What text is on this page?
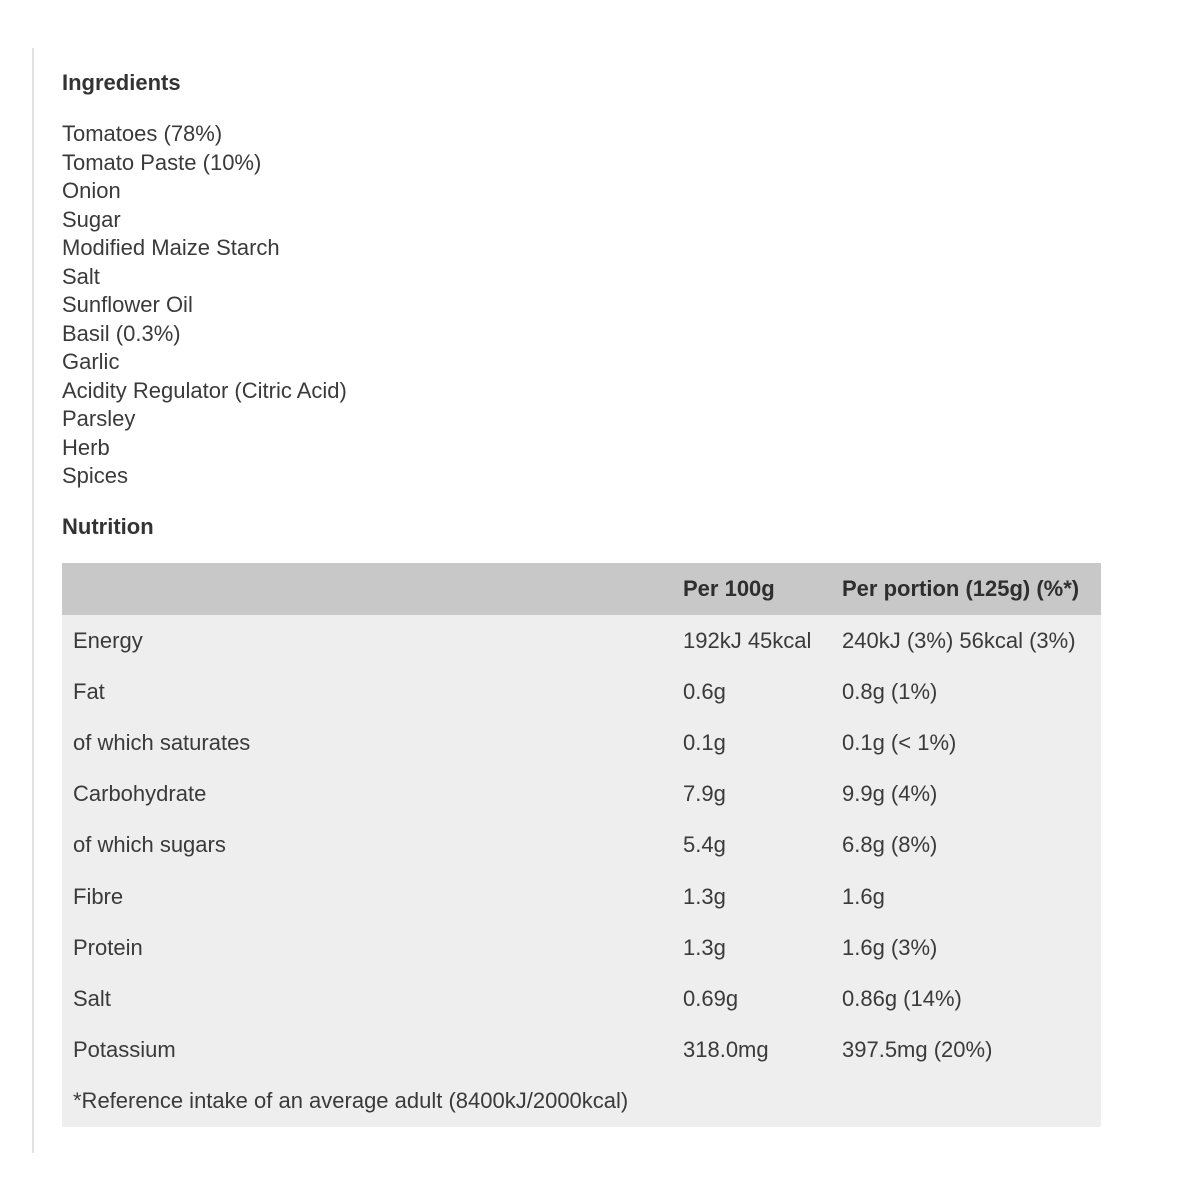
Ingredients
Tomatoes (78%)
Tomato Paste (10%)
Onion
Sugar
Modified Maize Starch
Salt
Sunflower Oil
Basil (0.3%)
Garlic
Acidity Regulator (Citric Acid)
Parsley
Herb
Spices
Nutrition
Per 100g	Per portion (125g) (%*)
Energy	192kJ 45kcal	240kJ (3%) 56kcal (3%)
Fat	0.6g	0.8g (1%)
of which saturates	0.1g	0.1g (< 1%)
Carbohydrate	7.9g	9.9g (4%)
of which sugars	5.4g	6.8g (8%)
Fibre	1.3g	1.6g
Protein	1.3g	1.6g (3%)
Salt	0.69g	0.86g (14%)
Potassium	318.0mg	397.5mg (20%)
*Reference intake of an average adult (8400kJ/2000kcal)
